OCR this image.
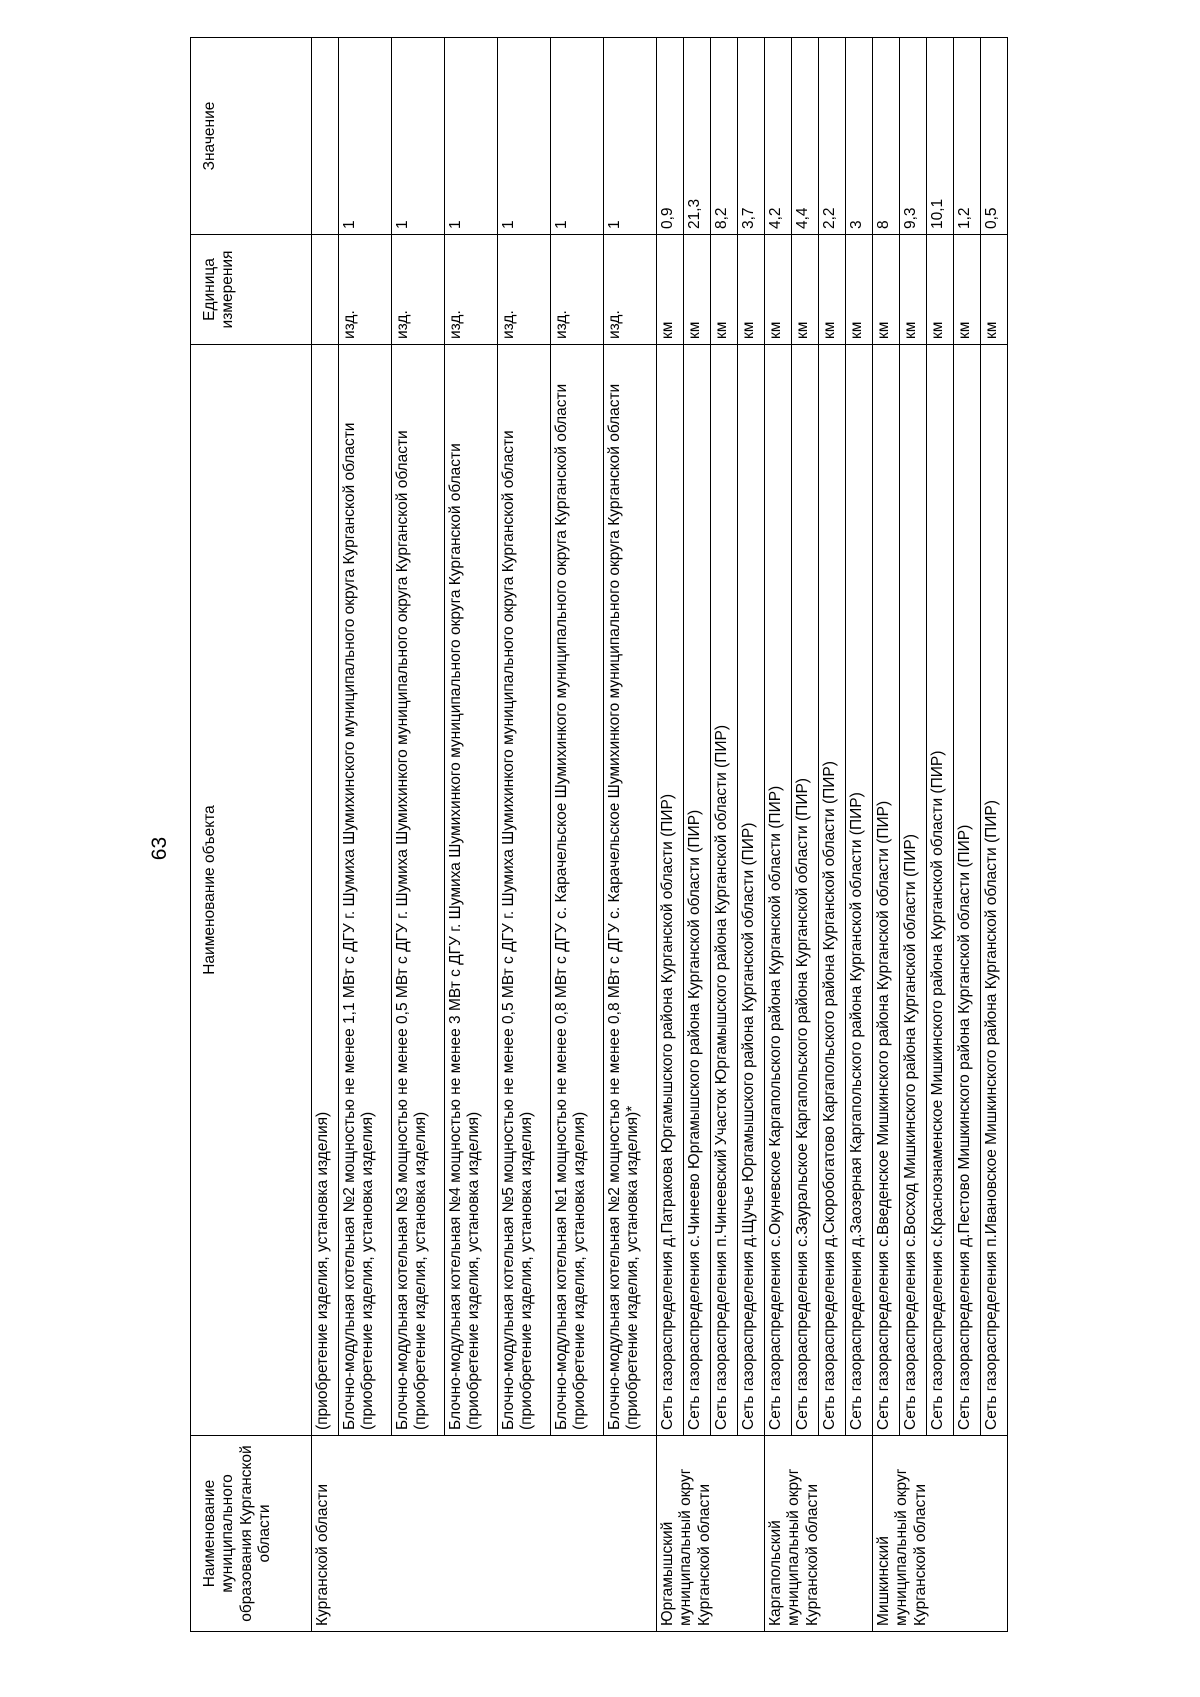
63
Наименование муниципального образования Курганской области	Наименование объекта	Единица измерения	Значение
Курганской области	(приобретение изделия, установка изделия)		
	Блочно-модульная котельная №2 мощностью не менее 1,1 МВт с ДГУ г. Шумиха Шумихинского муниципального округа Курганской области (приобретение изделия, установка изделия)	изд.	1
	Блочно-модульная котельная №3 мощностью не менее 0,5 МВт с ДГУ г. Шумиха Шумихинкого муниципального округа Курганской области (приобретение изделия, установка изделия)	изд.	1
	Блочно-модульная котельная №4 мощностью не менее 3 МВт с ДГУ г. Шумиха Шумихинкого муниципального округа Курганской области (приобретение изделия, установка изделия)	изд.	1
	Блочно-модульная котельная №5 мощностью не менее 0,5 МВт с ДГУ г. Шумиха Шумихинкого муниципального округа Курганской области (приобретение изделия, установка изделия)	изд.	1
	Блочно-модульная котельная №1 мощностью не менее 0,8 МВт с ДГУ с. Карачельское Шумихинкого муниципального округа Курганской области (приобретение изделия, установка изделия)	изд.	1
	Блочно-модульная котельная №2 мощностью не менее 0,8 МВт с ДГУ с. Карачельское Шумихинкого муниципального округа Курганской области (приобретение изделия, установка изделия)*	изд.	1
Юргамышский муниципальный округ Курганской области	Сеть газораспределения д.Патракова Юргамышского района Курганской области (ПИР)	км	0,9
	Сеть газораспределения с.Чинеево Юргамышского района Курганской области (ПИР)	км	21,3
	Сеть газораспределения п.Чинеевский Участок Юргамышского района Курганской области (ПИР)	км	8,2
	Сеть газораспределения д.Щучье Юргамышского района Курганской области (ПИР)	км	3,7
Каргапольский муниципальный округ Курганской области	Сеть газораспределения с.Окуневское Каргапольского района Курганской области (ПИР)	км	4,2
	Сеть газораспределения с.Зауральское Каргапольского района Курганской области (ПИР)	км	4,4
	Сеть газораспределения д.Скоробогатово Каргапольского района Курганской области (ПИР)	км	2,2
	Сеть газораспределения д.Заозерная Каргапольского района Курганской области (ПИР)	км	3
Мишкинский муниципальный округ Курганской области	Сеть газораспределения с.Введенское Мишкинского района Курганской области (ПИР)	км	8
	Сеть газораспределения с.Восход Мишкинского района Курганской области (ПИР)	км	9,3
	Сеть газораспределения с.Краснознаменское Мишкинского района Курганской области (ПИР)	км	10,1
	Сеть газораспределения д.Пестово Мишкинского района Курганской области (ПИР)	км	1,2
	Сеть газораспределения п.Ивановское Мишкинского района Курганской области (ПИР)	км	0,5
